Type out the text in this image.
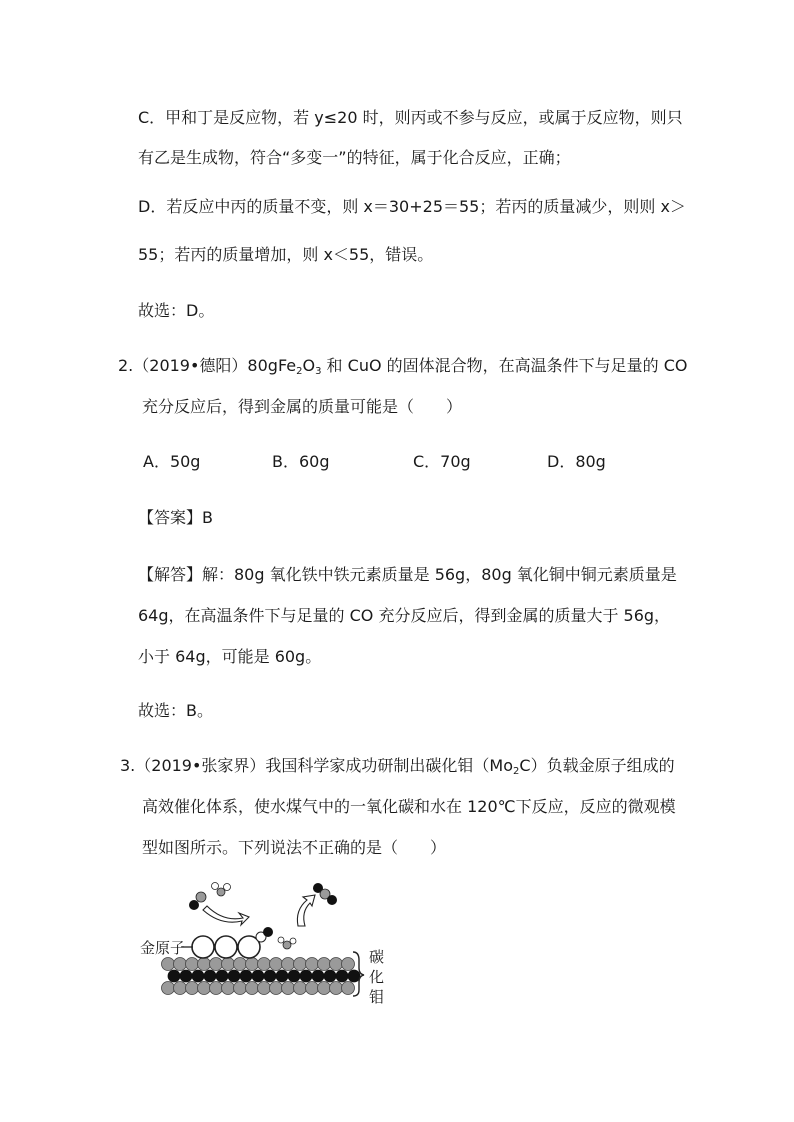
C．甲和丁是反应物，若 y≤20 时，则丙或不参与反应，或属于反应物，则只
有乙是生成物，符合“多变一”的特征，属于化合反应，正确；
D．若反应中丙的质量不变，则 x＝30+25＝55；若丙的质量减少，则则 x＞
55；若丙的质量增加，则 x＜55，错误。
故选：D。
2.（2019•德阳）$80gFe_2O_3$ 和 CuO 的固体混合物，在高温条件下与足量的 CO
充分反应后，得到金属的质量可能是（　　）
A．50g	B．60g	C．70g	D．80g
【答案】B
【解答】解：80g 氧化铁中铁元素质量是 56g，80g 氧化铜中铜元素质量是
64g，在高温条件下与足量的 CO 充分反应后，得到金属的质量大于 56g，
小于 64g，可能是 60g。
故选：B。
3.（2019•张家界）我国科学家成功研制出碳化钼$(Mo_2C)$负载金原子组成的
高效催化体系，使水煤气中的一氧化碳和水在 120℃下反应，反应的微观模
型如图所示。下列说法不正确的是（　　）
金原子	碳
化
钼
